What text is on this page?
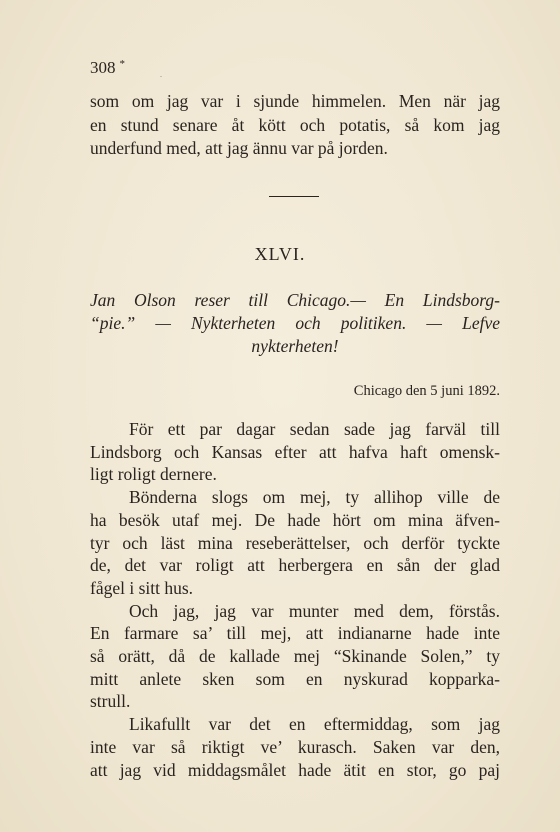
308 *
.
som om jag var i sjunde himmelen. Men när jag
en stund senare åt kött och potatis, så kom jag
underfund med, att jag ännu var på jorden.
XLVI.
Jan Olson reser till Chicago.— En Lindsborg-
“pie.” — Nykterheten och politiken. — Lefve
nykterheten!
Chicago den 5 juni 1892.
För ett par dagar sedan sade jag farväl till
Lindsborg och Kansas efter att hafva haft omensk-
ligt roligt dernere.
Bönderna slogs om mej, ty allihop ville de
ha besök utaf mej. De hade hört om mina äfven-
tyr och läst mina reseberättelser, och derför tyckte
de, det var roligt att herbergera en sån der glad
fågel i sitt hus.
Och jag, jag var munter med dem, förstås.
En farmare sa’ till mej, att indianarne hade inte
så orätt, då de kallade mej “Skinande Solen,” ty
mitt anlete sken som en nyskurad kopparka-
strull.
Likafullt var det en eftermiddag, som jag
inte var så riktigt ve’ kurasch. Saken var den,
att jag vid middagsmålet hade ätit en stor, go paj
